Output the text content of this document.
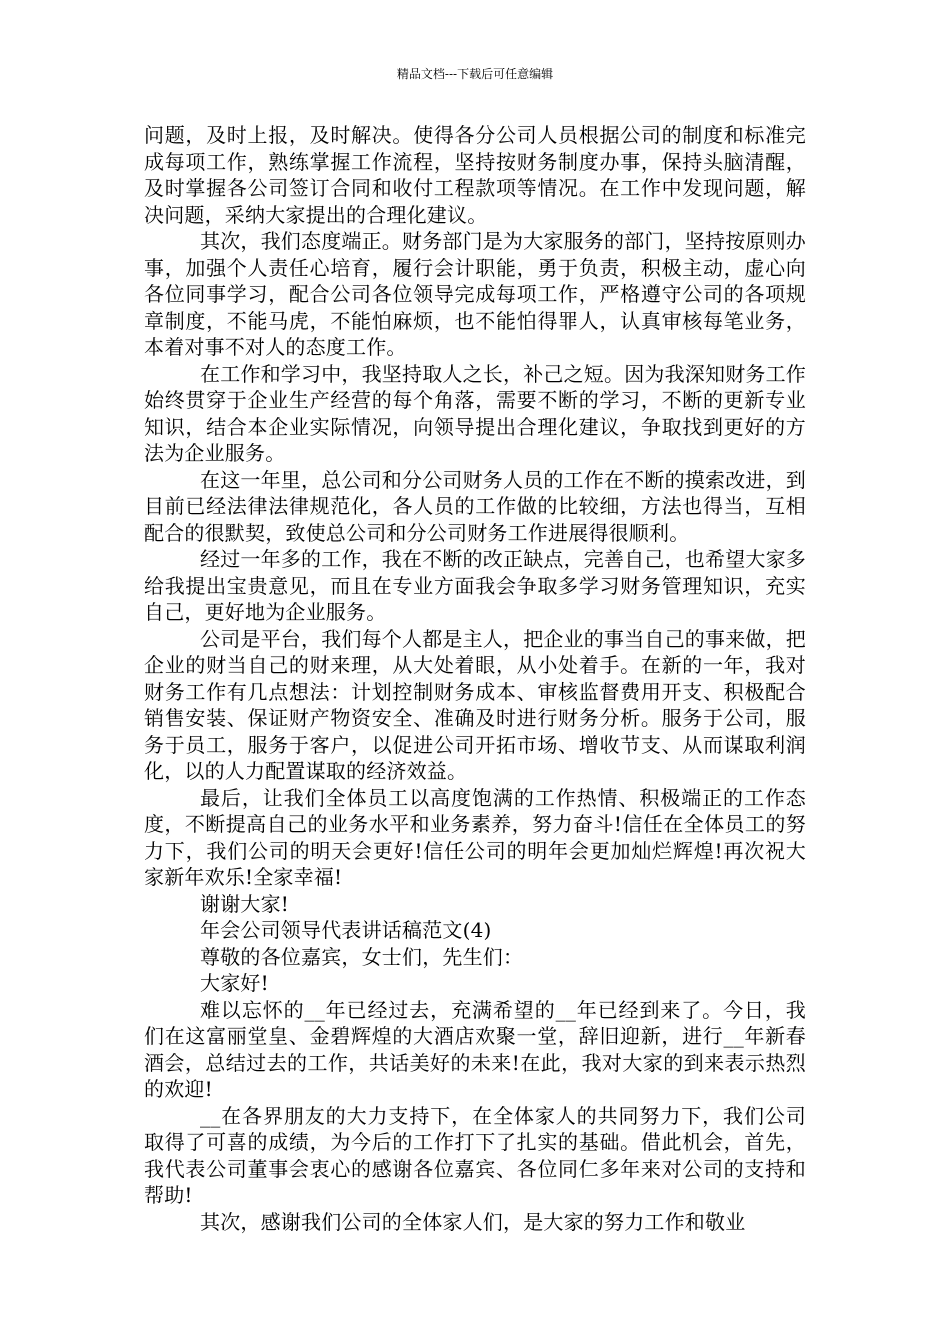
精品文档---下载后可任意编辑

问题，及时上报，及时解决。使得各分公司人员根据公司的制度和标准完成每项工作，熟练掌握工作流程，坚持按财务制度办事，保持头脑清醒，及时掌握各公司签订合同和收付工程款项等情况。在工作中发现问题，解决问题，采纳大家提出的合理化建议。

其次，我们态度端正。财务部门是为大家服务的部门，坚持按原则办事，加强个人责任心培育，履行会计职能，勇于负责，积极主动，虚心向各位同事学习，配合公司各位领导完成每项工作，严格遵守公司的各项规章制度，不能马虎，不能怕麻烦，也不能怕得罪人，认真审核每笔业务，本着对事不对人的态度工作。

在工作和学习中，我坚持取人之长，补己之短。因为我深知财务工作始终贯穿于企业生产经营的每个角落，需要不断的学习，不断的更新专业知识，结合本企业实际情况，向领导提出合理化建议，争取找到更好的方法为企业服务。

在这一年里，总公司和分公司财务人员的工作在不断的摸索改进，到目前已经法律法律规范化，各人员的工作做的比较细，方法也得当，互相配合的很默契，致使总公司和分公司财务工作进展得很顺利。

经过一年多的工作，我在不断的改正缺点，完善自己，也希望大家多给我提出宝贵意见，而且在专业方面我会争取多学习财务管理知识，充实自己，更好地为企业服务。

公司是平台，我们每个人都是主人，把企业的事当自己的事来做，把企业的财当自己的财来理，从大处着眼，从小处着手。在新的一年，我对财务工作有几点想法：计划控制财务成本、审核监督费用开支、积极配合销售安装、保证财产物资安全、准确及时进行财务分析。服务于公司，服务于员工，服务于客户，以促进公司开拓市场、增收节支、从而谋取利润化，以的人力配置谋取的经济效益。

最后，让我们全体员工以高度饱满的工作热情、积极端正的工作态度，不断提高自己的业务水平和业务素养，努力奋斗!信任在全体员工的努力下，我们公司的明天会更好!信任公司的明年会更加灿烂辉煌!再次祝大家新年欢乐!全家幸福!

谢谢大家!

年会公司领导代表讲话稿范文(4)

尊敬的各位嘉宾，女士们，先生们：

大家好!

难以忘怀的__年已经过去，充满希望的__年已经到来了。今日，我们在这富丽堂皇、金碧辉煌的大酒店欢聚一堂，辞旧迎新，进行__年新春酒会，总结过去的工作，共话美好的未来!在此，我对大家的到来表示热烈的欢迎!

__在各界朋友的大力支持下，在全体家人的共同努力下，我们公司取得了可喜的成绩，为今后的工作打下了扎实的基础。借此机会，首先，我代表公司董事会衷心的感谢各位嘉宾、各位同仁多年来对公司的支持和帮助!

其次，感谢我们公司的全体家人们，是大家的努力工作和敬业
